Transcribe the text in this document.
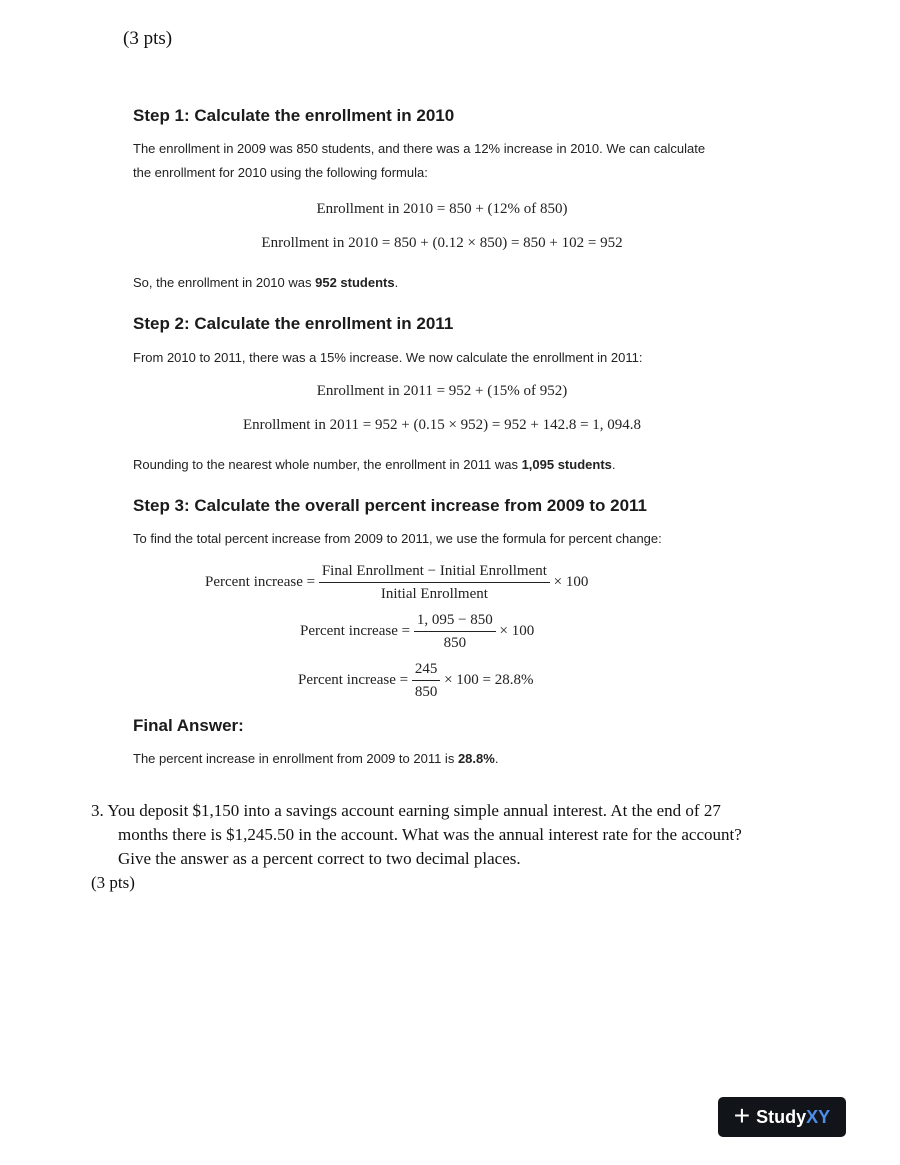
(3 pts)
Step 1: Calculate the enrollment in 2010
The enrollment in 2009 was 850 students, and there was a 12% increase in 2010. We can calculate
the enrollment for 2010 using the following formula:
Enrollment in 2010 = 850 + (12% of 850)
Enrollment in 2010 = 850 + (0.12 × 850) = 850 + 102 = 952
So, the enrollment in 2010 was 952 students.
Step 2: Calculate the enrollment in 2011
From 2010 to 2011, there was a 15% increase. We now calculate the enrollment in 2011:
Enrollment in 2011 = 952 + (15% of 952)
Enrollment in 2011 = 952 + (0.15 × 952) = 952 + 142.8 = 1, 094.8
Rounding to the nearest whole number, the enrollment in 2011 was 1,095 students.
Step 3: Calculate the overall percent increase from 2009 to 2011
To find the total percent increase from 2009 to 2011, we use the formula for percent change:
Percent increase = $\frac{\text{Final Enrollment − Initial Enrollment}}{\text{Initial Enrollment}} \times 100$
Percent increase = $\frac{1, 095 - 850}{850} \times 100$
Percent increase = $\frac{245}{850} \times 100 = 28.8\%$
Final Answer:
The percent increase in enrollment from 2009 to 2011 is 28.8%.
3. You deposit $1,150 into a savings account earning simple annual interest. At the end of 27
months there is $1,245.50 in the account. What was the annual interest rate for the account?
Give the answer as a percent correct to two decimal places.
(3 pts)
+ StudyXY
